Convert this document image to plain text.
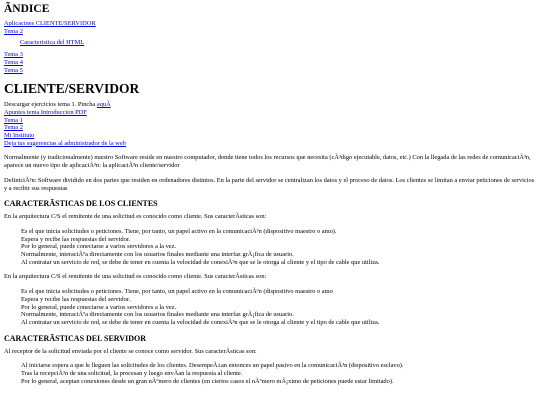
ÃNDICE
Aplicacines CLIENTE/SERVIDOR
Tema 2
Caracteristica del HTML
Tema 3
Tema 4
Tema 5
CLIENTE/SERVIDOR
Descargar ejercicios tema 1. Pincha aquÃ
Apuntes tema Introduccion PDF
Tema 1
Tema 2
Mi Instituto
Deja tus sugerencias al administrador de la web

Normalmente (y tradicionalmente) nuestro Software reside en nuestro computador, donde tiene todos los recursos que necesita (cÃ³digo ejecutable, datos, etc.) Con la llegada de las redes de comunicaciÃ³n, aparece un nuevo tipo de aplicaciÃ³n: la aplicaciÃ³n cliente/servidor

DefiniciÃ³n: Software dividido en dos partes que residen en ordenadores distintos. En la parte del servidor se centralizan los datos y el proceso de datos. Los clientes se limitan a enviar peticiones de servicios y a recibir sus respuestas

CARACTERÃSTICAS DE LOS CLIENTES

En la arquitectura C/S el remitente de una solicitud es conocido como cliente. Sus caracterÃsticas son:

Es el que inicia solicitudes o peticiones. Tiene, por tanto, un papel activo en la comunicaciÃ³n (dispositivo maestro o amo).
Espera y recibe las respuestas del servidor.
Por lo general, puede conectarse a varios servidores a la vez.
Normalmente, interactÃºa directamente con los usuarios finales mediante una interfaz grÃ¡fica de usuario.
Al contratar un servicio de red, se debe de tener en cuenta la velocidad de conexiÃ³n que se le otorga al cliente y el tipo de cable que utiliza.

En la arquitectura C/S el remitente de una solicitud es conocido como cliente. Sus caracterÃsticas son:

Es el que inicia solicitudes o peticiones. Tiene, por tanto, un papel activo en la comunicaciÃ³n (dispositivo maestro o amo
Espera y recibe las respuestas del servidor.
Por lo general, puede conectarse a varios servidores a la vez.
Normalmente, interactÃºa directamente con los usuarios finales mediante una interfaz grÃ¡fica de usuario.
Al contratar un servicio de red, se debe de tener en cuenta la velocidad de conexiÃ³n que se le otorga al cliente y el tipo de cable que utiliza.
CARACTERÃSTICAS DEL SERVIDOR

Al receptor de la solicitud enviada por el cliente se conoce como servidor. Sus caracterÃsticas son:

Al iniciarse espera a que le lleguen las solicitudes de los clientes. DesempeÃ±an entonces un papel pasivo en la comunicaciÃ³n (dispositivo esclavo).
Tras la recepciÃ³n de una solicitud, la procesan y luego envÃan la respuesta al cliente.
Por lo general, aceptan conexiones desde un gran nÃºmero de clientes (en ciertos casos el nÃºmero mÃ¡ximo de peticiones puede estar limitado).
